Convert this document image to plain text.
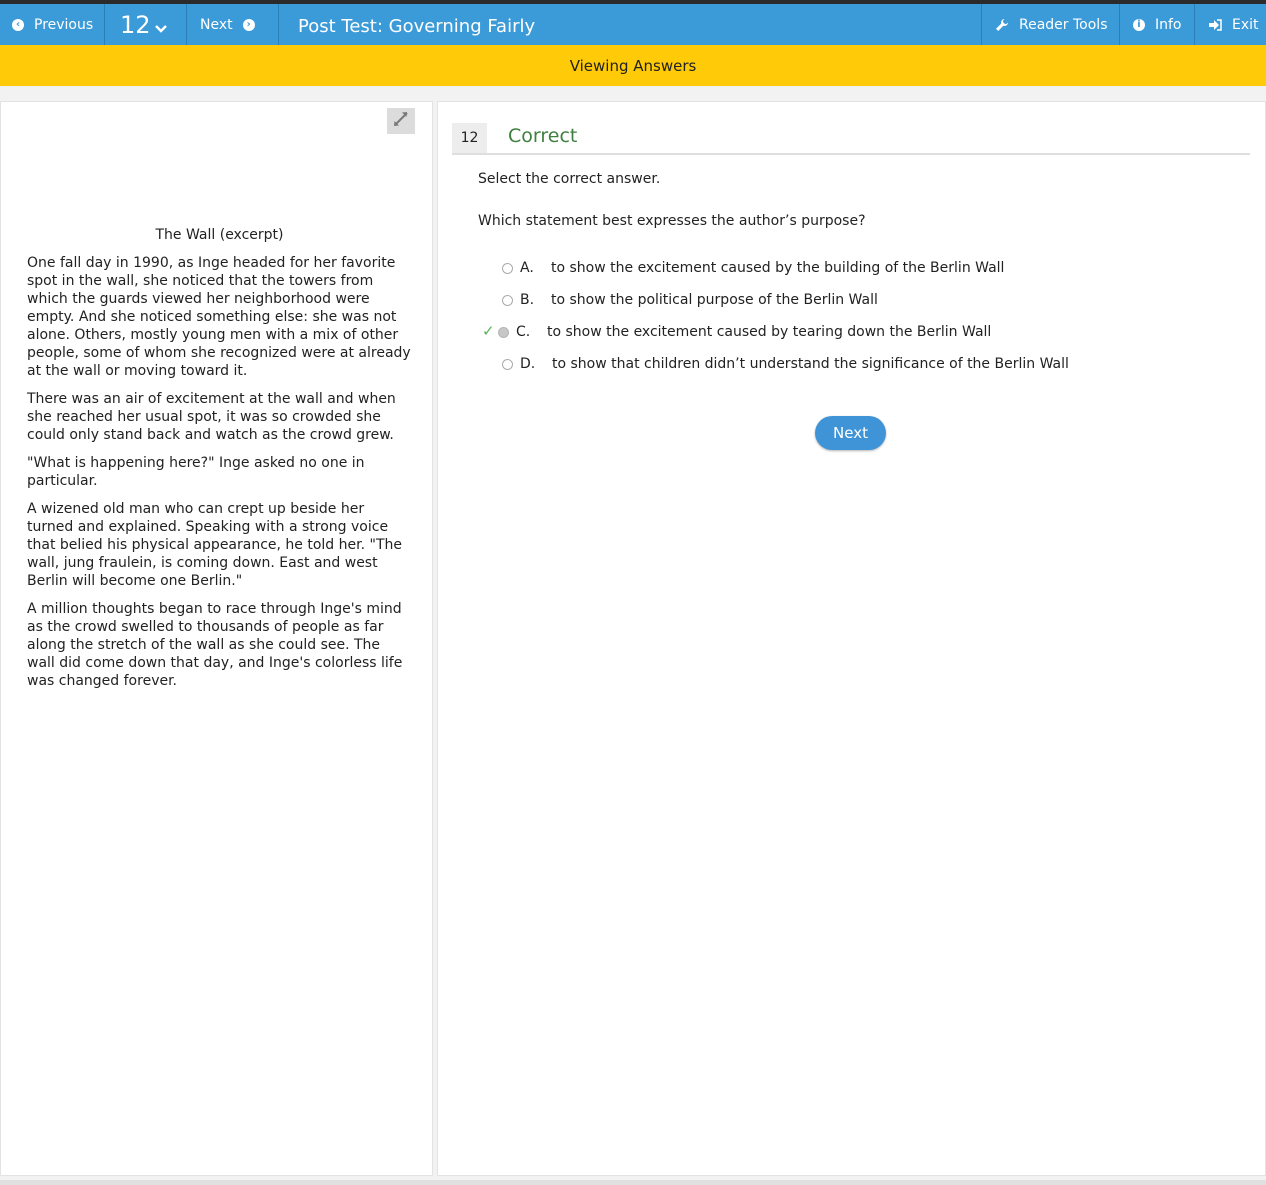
‹ Previous 12	Next	›	Post Test: Governing Fairly	Reader Tools	i	Info	Exit
Viewing Answers
The Wall (excerpt)

One fall day in 1990, as Inge headed for her favorite spot in the wall, she noticed that the towers from which the guards viewed her neighborhood were empty. And she noticed something else: she was not alone. Others, mostly young men with a mix of other people, some of whom she recognized were at already at the wall or moving toward it.

There was an air of excitement at the wall and when she reached her usual spot, it was so crowded she could only stand back and watch as the crowd grew.

"What is happening here?" Inge asked no one in particular.

A wizened old man who can crept up beside her turned and explained. Speaking with a strong voice that belied his physical appearance, he told her. "The wall, jung fraulein, is coming down. East and west Berlin will become one Berlin."

A million thoughts began to race through Inge's mind as the crowd swelled to thousands of people as far along the stretch of the wall as she could see. The wall did come down that day, and Inge's colorless life was changed forever.

12	Correct
Select the correct answer.
Which statement best expresses the author’s purpose?
A. to show the excitement caused by the building of the Berlin Wall
B. to show the political purpose of the Berlin Wall
✓ C. to show the excitement caused by tearing down the Berlin Wall
D. to show that children didn’t understand the significance of the Berlin Wall
Next
